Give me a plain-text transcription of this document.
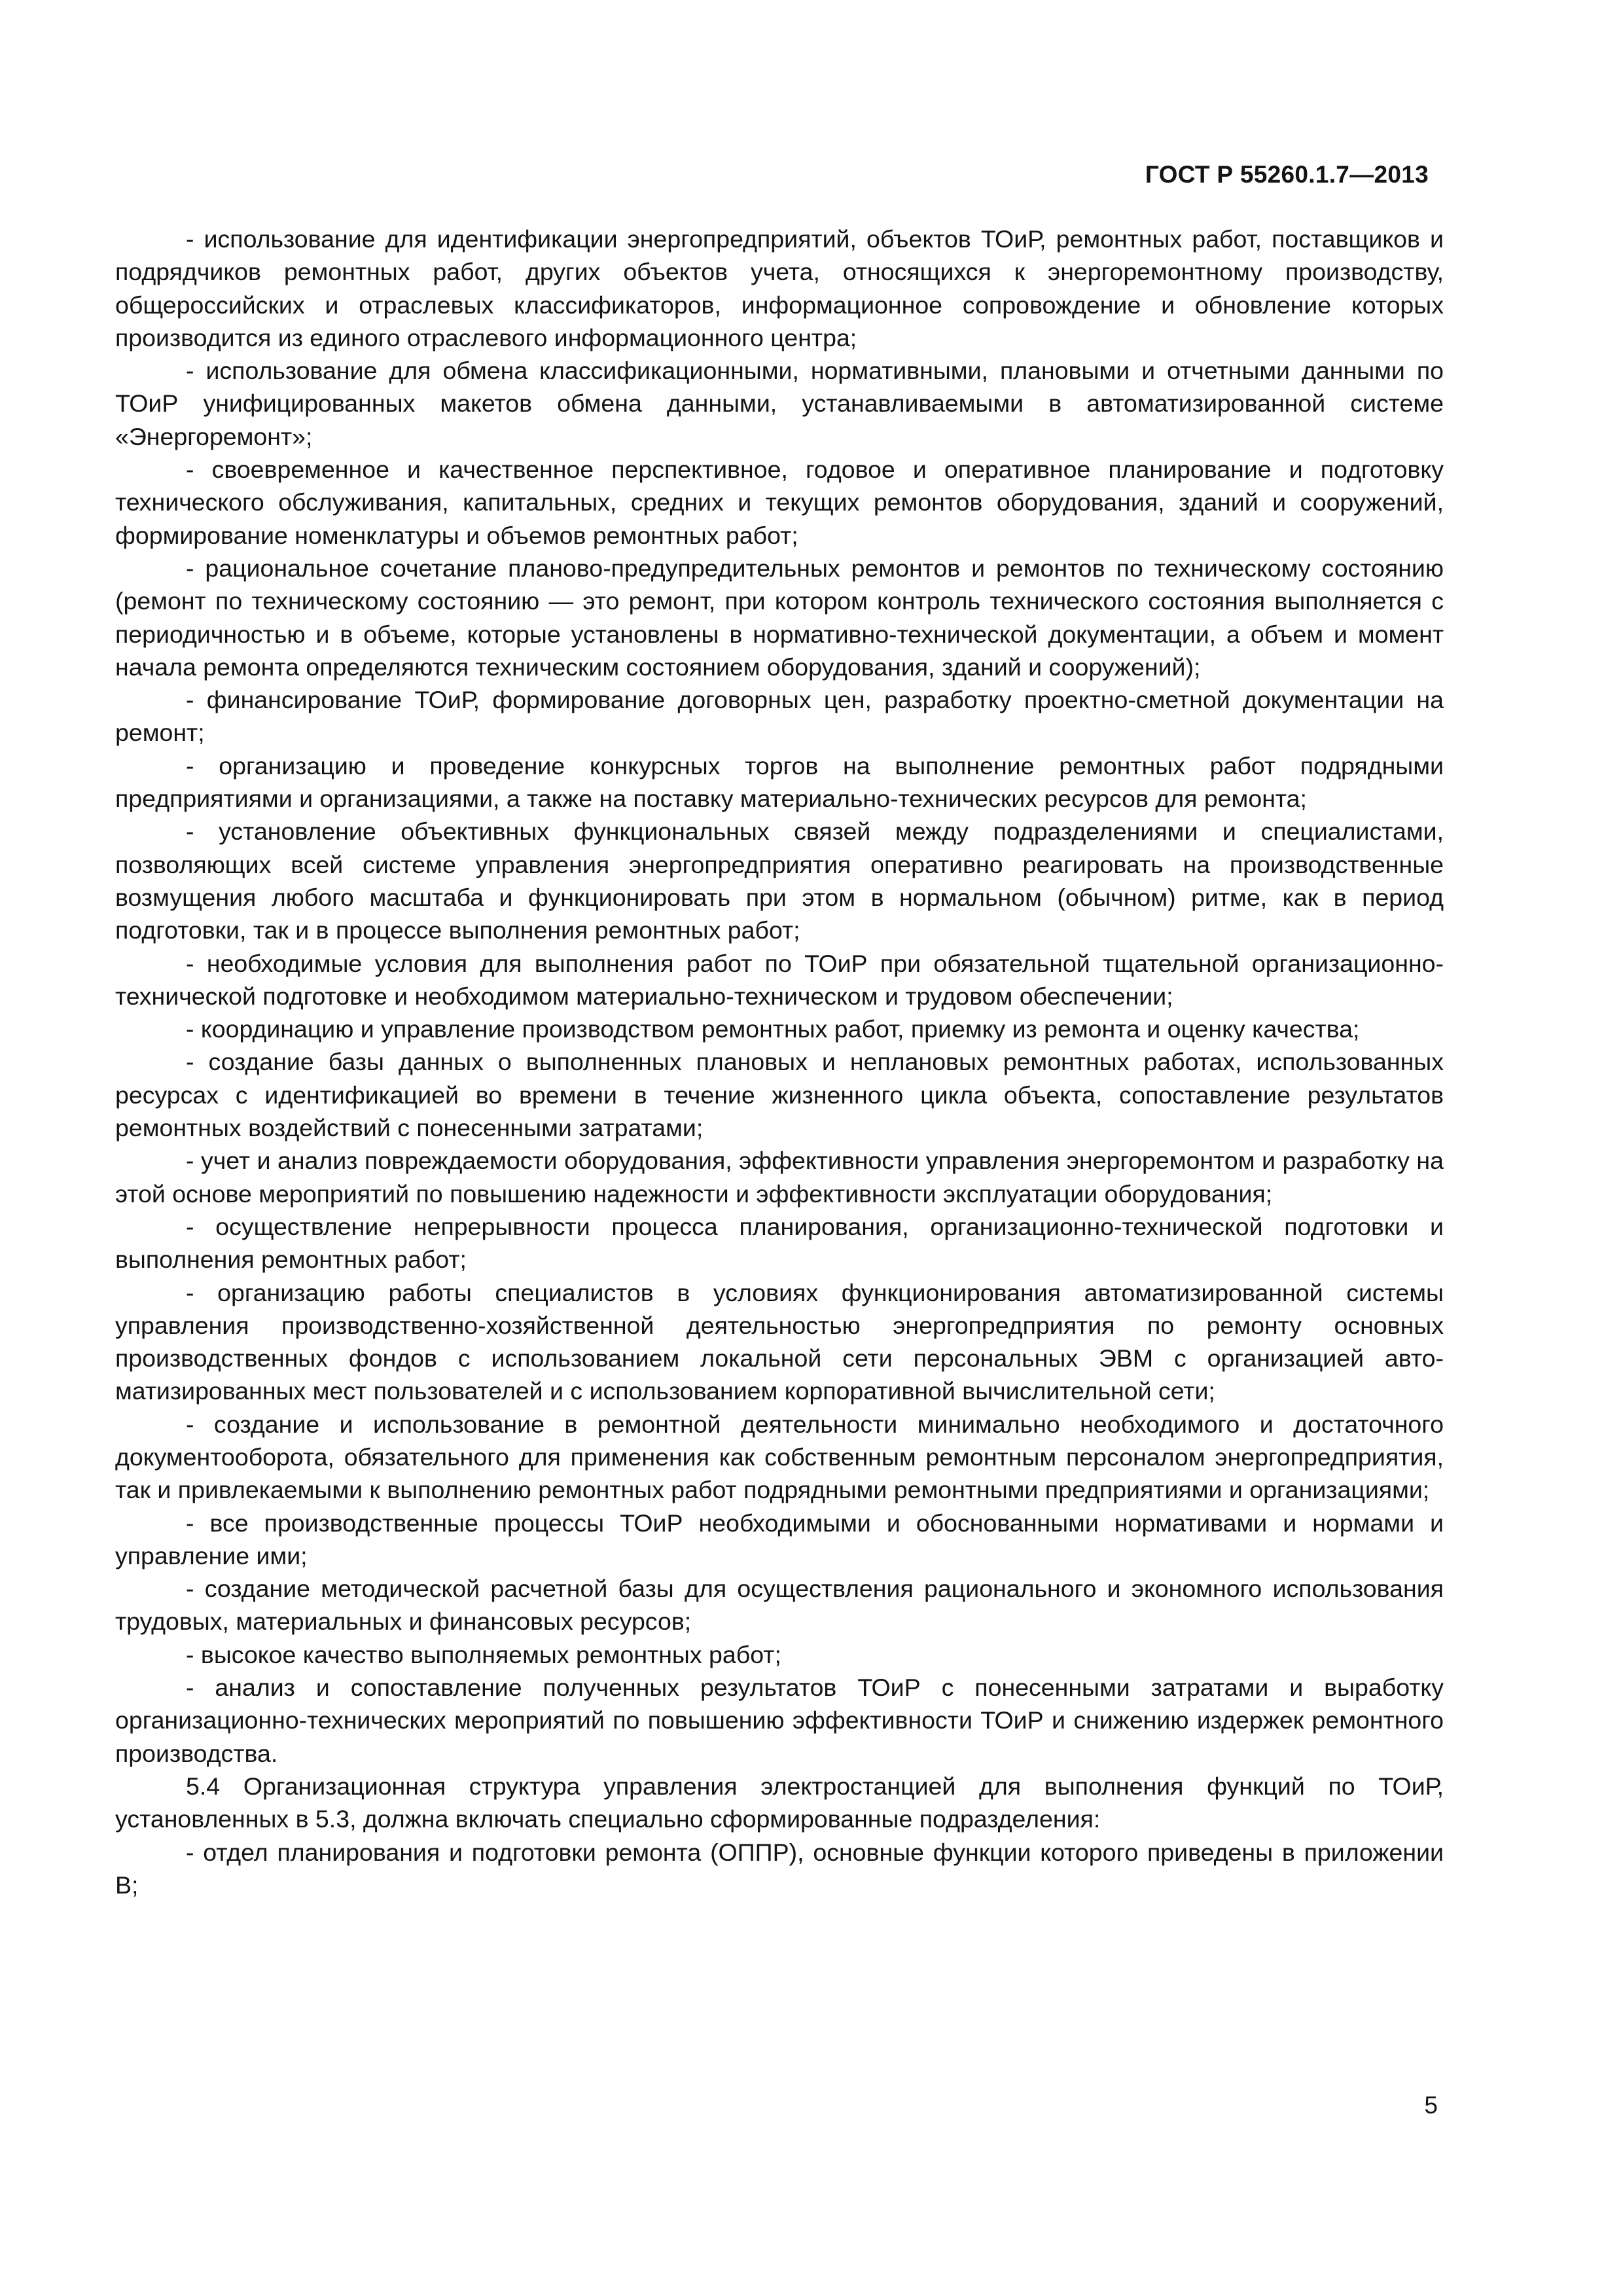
ГОСТ Р 55260.1.7—2013

- использование для идентификации энергопредприятий, объектов ТОиР, ремонтных работ, поставщиков и подрядчиков ремонтных работ, других объектов учета, относящихся к энергоремонтному производству, общероссийских и отраслевых классификаторов, информационное сопровождение и обновление которых производится из единого отраслевого информационного центра;

- использование для обмена классификационными, нормативными, плановыми и отчетными данными по ТОиР унифицированных макетов обмена данными, устанавливаемыми в автоматизированной системе «Энергоремонт»;

- своевременное и качественное перспективное, годовое и оперативное планирование и подготовку технического обслуживания, капитальных, средних и текущих ремонтов оборудования, зданий и сооружений, формирование номенклатуры и объемов ремонтных работ;

- рациональное сочетание планово-предупредительных ремонтов и ремонтов по техническому состоянию (ремонт по техническому состоянию — это ремонт, при котором контроль технического состояния выполняется с периодичностью и в объеме, которые установлены в нормативно-технической документации, а объем и момент начала ремонта определяются техническим состоянием оборудования, зданий и сооружений);

- финансирование ТОиР, формирование договорных цен, разработку проектно-сметной документации на ремонт;

- организацию и проведение конкурсных торгов на выполнение ремонтных работ подрядными предприятиями и организациями, а также на поставку материально-технических ресурсов для ремонта;

- установление объективных функциональных связей между подразделениями и специалистами, позволяющих всей системе управления энергопредприятия оперативно реагировать на производственные возмущения любого масштаба и функционировать при этом в нормальном (обычном) ритме, как в период подготовки, так и в процессе выполнения ремонтных работ;

- необходимые условия для выполнения работ по ТОиР при обязательной тщательной организационно-технической подготовке и необходимом материально-техническом и трудовом обеспечении;

- координацию и управление производством ремонтных работ, приемку из ремонта и оценку качества;

- создание базы данных о выполненных плановых и неплановых ремонтных работах, использованных ресурсах с идентификацией во времени в течение жизненного цикла объекта, сопоставление результатов ремонтных воздействий с понесенными затратами;

- учет и анализ повреждаемости оборудования, эффективности управления энергоремонтом и разработку на этой основе мероприятий по повышению надежности и эффективности эксплуатации оборудования;

- осуществление непрерывности процесса планирования, организационно-технической подготовки и выполнения ремонтных работ;

- организацию работы специалистов в условиях функционирования автоматизированной системы управления производственно-хозяйственной деятельностью энергопредприятия по ремонту основных производственных фондов с использованием локальной сети персональных ЭВМ с организацией автоматизированных мест пользователей и с использованием корпоративной вычислительной сети;

- создание и использование в ремонтной деятельности минимально необходимого и достаточного документооборота, обязательного для применения как собственным ремонтным персоналом энергопредприятия, так и привлекаемыми к выполнению ремонтных работ подрядными ремонтными предприятиями и организациями;

- все производственные процессы ТОиР необходимыми и обоснованными нормативами и нормами и управление ими;

- создание методической расчетной базы для осуществления рационального и экономного использования трудовых, материальных и финансовых ресурсов;

- высокое качество выполняемых ремонтных работ;

- анализ и сопоставление полученных результатов ТОиР с понесенными затратами и выработку организационно-технических мероприятий по повышению эффективности ТОиР и снижению издержек ремонтного производства.

5.4 Организационная структура управления электростанцией для выполнения функций по ТОиР, установленных в 5.3, должна включать специально сформированные подразделения:

- отдел планирования и подготовки ремонта (ОППР), основные функции которого приведены в приложении В;

5
